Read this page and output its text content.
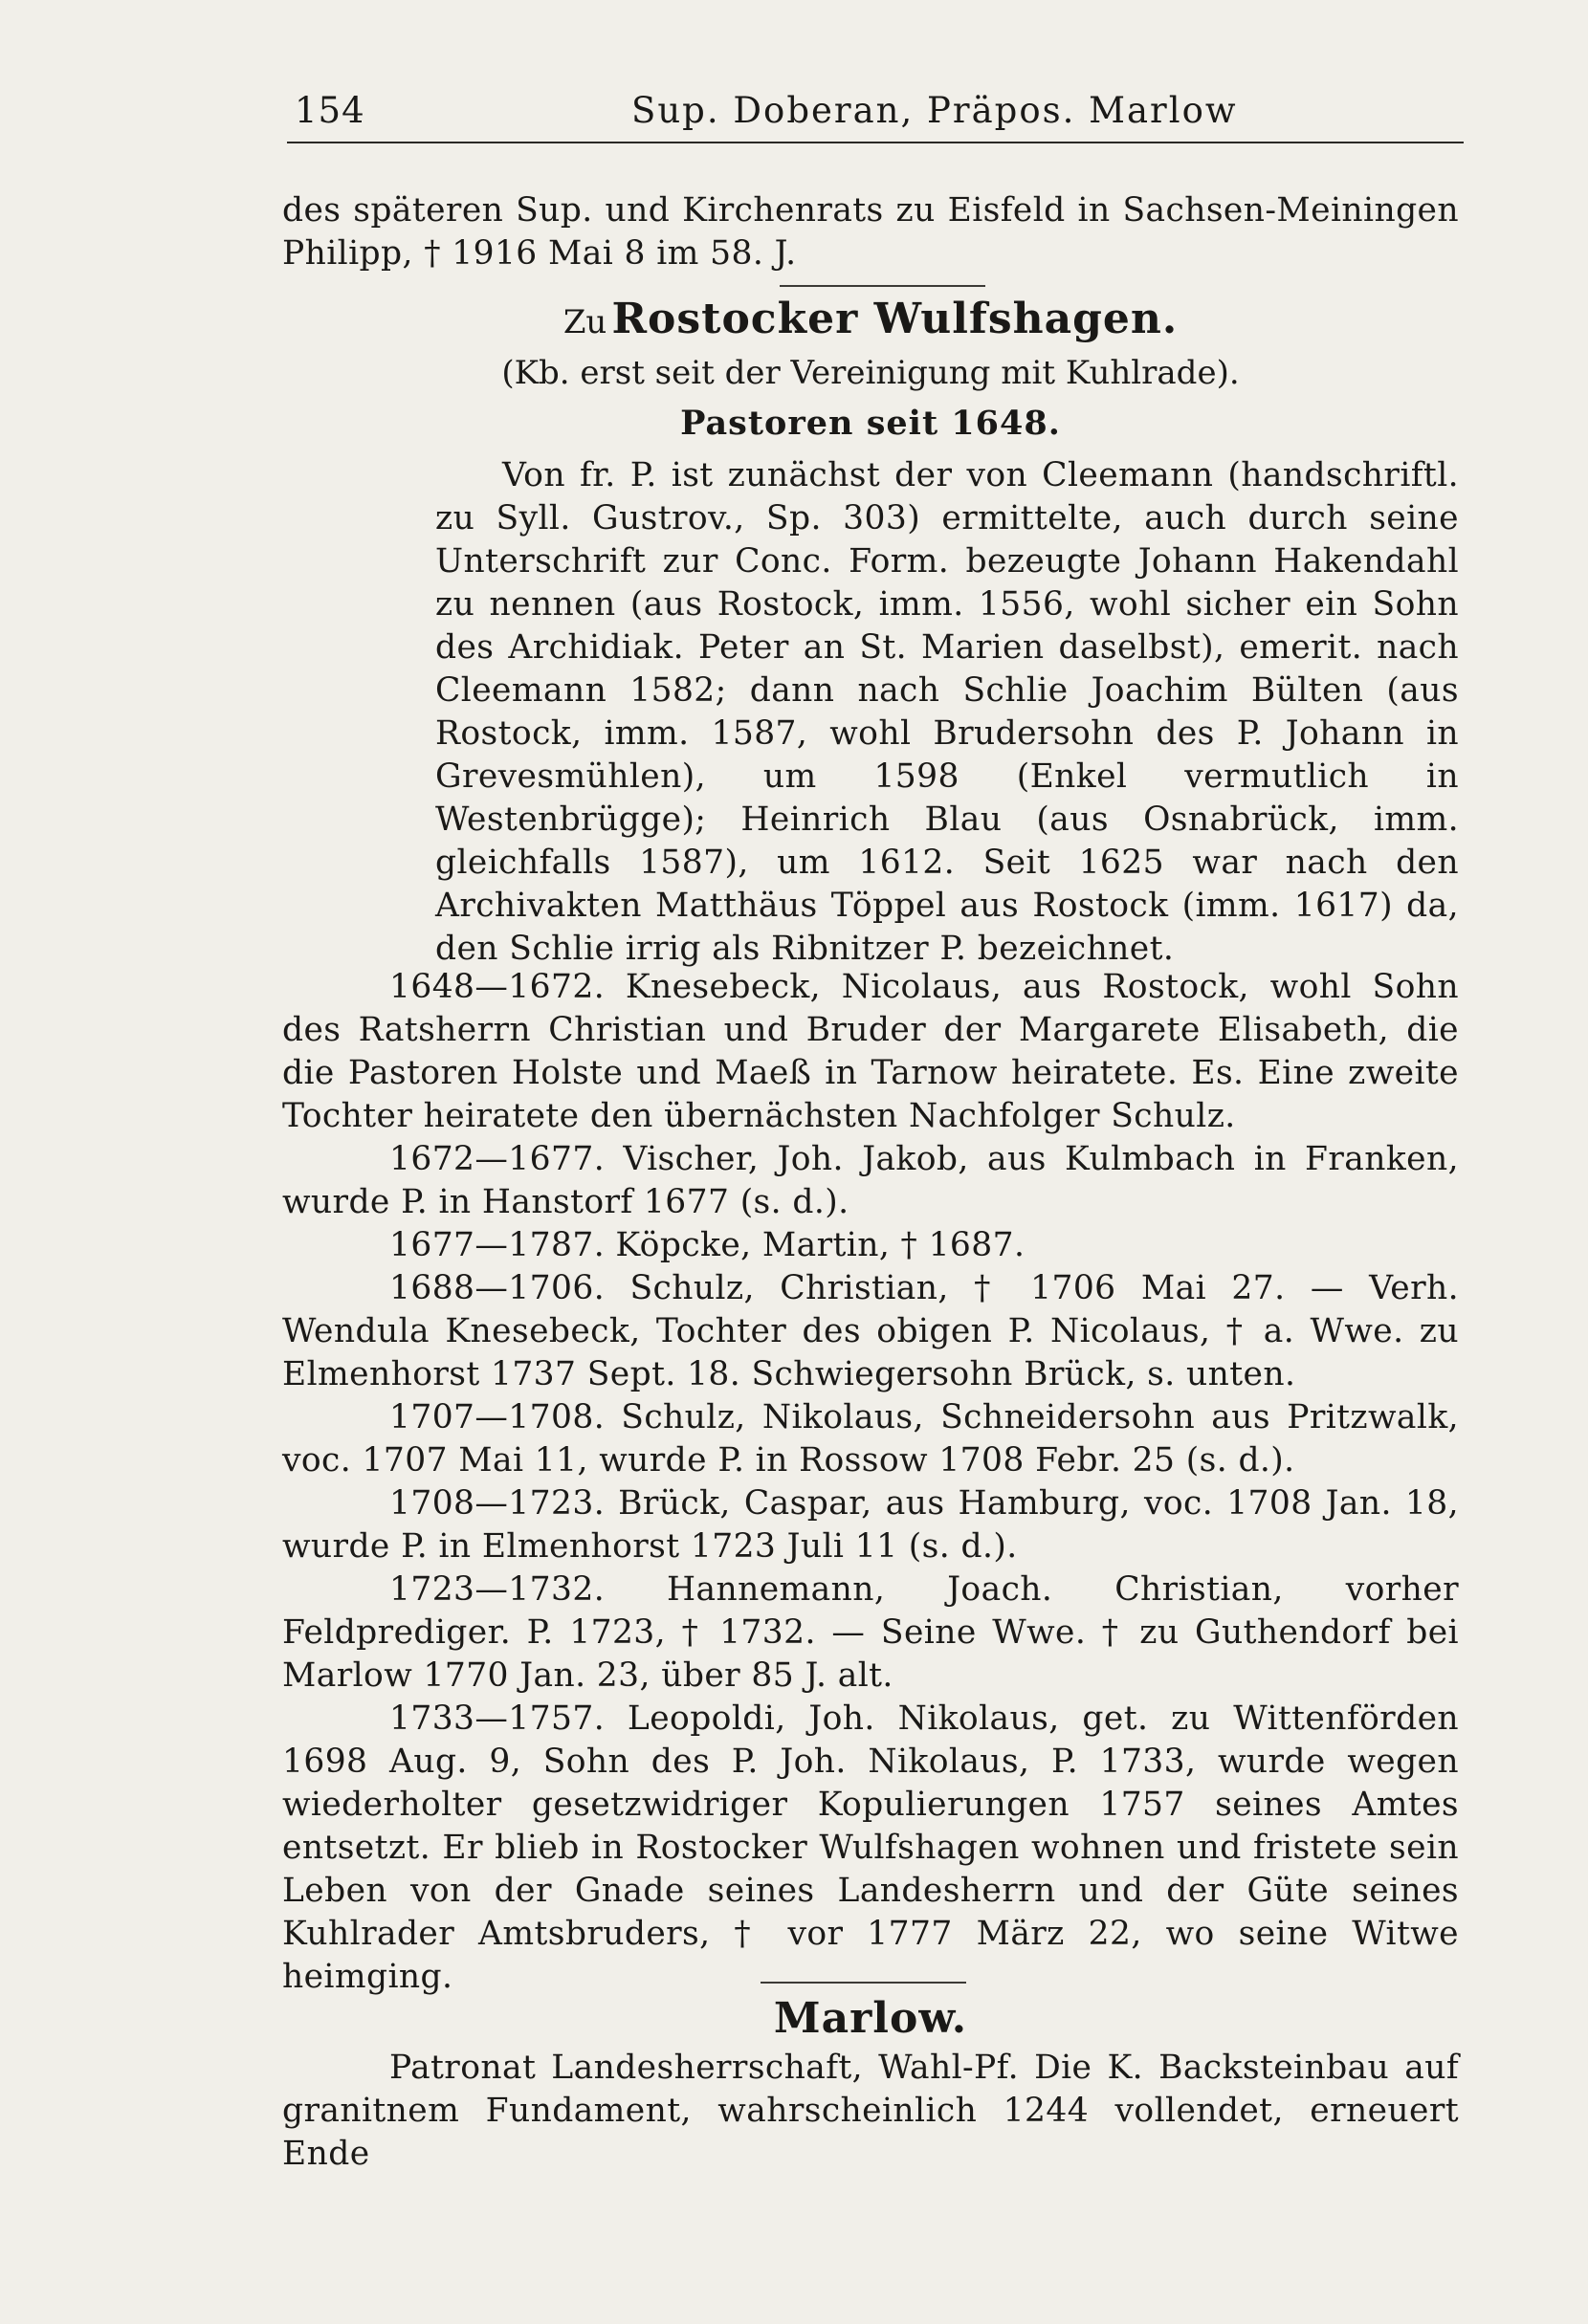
154	Sup. Doberan, Präpos. Marlow

des späteren Sup. und Kirchenrats zu Eisfeld in Sachsen-Meiningen Philipp, † 1916 Mai 8 im 58. J.

Zu Rostocker Wulfshagen.

(Kb. erst seit der Vereinigung mit Kuhlrade).

Pastoren seit 1648.

Von fr. P. ist zunächst der von Cleemann (handschriftl. zu Syll. Gustrov., Sp. 303) ermittelte, auch durch seine Unterschrift zur Conc. Form. bezeugte Johann Hakendahl zu nennen (aus Rostock, imm. 1556, wohl sicher ein Sohn des Archidiak. Peter an St. Marien daselbst), emerit. nach Cleemann 1582; dann nach Schlie Joachim Bülten (aus Rostock, imm. 1587, wohl Brudersohn des P. Johann in Grevesmühlen), um 1598 (Enkel vermutlich in Westenbrügge); Heinrich Blau (aus Osnabrück, imm. gleichfalls 1587), um 1612. Seit 1625 war nach den Archivakten Matthäus Töppel aus Rostock (imm. 1617) da, den Schlie irrig als Ribnitzer P. bezeichnet.

1648—1672. Knesebeck, Nicolaus, aus Rostock, wohl Sohn des Ratsherrn Christian und Bruder der Margarete Elisabeth, die die Pastoren Holste und Maeß in Tarnow heiratete. Es. Eine zweite Tochter heiratete den übernächsten Nachfolger Schulz.

1672—1677. Vischer, Joh. Jakob, aus Kulmbach in Franken, wurde P. in Hanstorf 1677 (s. d.).

1677—1787. Köpcke, Martin, † 1687.

1688—1706. Schulz, Christian, † 1706 Mai 27. — Verh. Wendula Knesebeck, Tochter des obigen P. Nicolaus, † a. Wwe. zu Elmenhorst 1737 Sept. 18. Schwiegersohn Brück, s. unten.

1707—1708. Schulz, Nikolaus, Schneidersohn aus Pritzwalk, voc. 1707 Mai 11, wurde P. in Rossow 1708 Febr. 25 (s. d.).

1708—1723. Brück, Caspar, aus Hamburg, voc. 1708 Jan. 18, wurde P. in Elmenhorst 1723 Juli 11 (s. d.).

1723—1732. Hannemann, Joach. Christian, vorher Feldprediger. P. 1723, † 1732. — Seine Wwe. † zu Guthendorf bei Marlow 1770 Jan. 23, über 85 J. alt.

1733—1757. Leopoldi, Joh. Nikolaus, get. zu Wittenförden 1698 Aug. 9, Sohn des P. Joh. Nikolaus, P. 1733, wurde wegen wiederholter gesetzwidriger Kopulierungen 1757 seines Amtes entsetzt. Er blieb in Rostocker Wulfshagen wohnen und fristete sein Leben von der Gnade seines Landesherrn und der Güte seines Kuhlrader Amtsbruders, † vor 1777 März 22, wo seine Witwe heimging.

Marlow.

Patronat Landesherrschaft, Wahl-Pf. Die K. Backsteinbau auf granitnem Fundament, wahrscheinlich 1244 vollendet, erneuert Ende
